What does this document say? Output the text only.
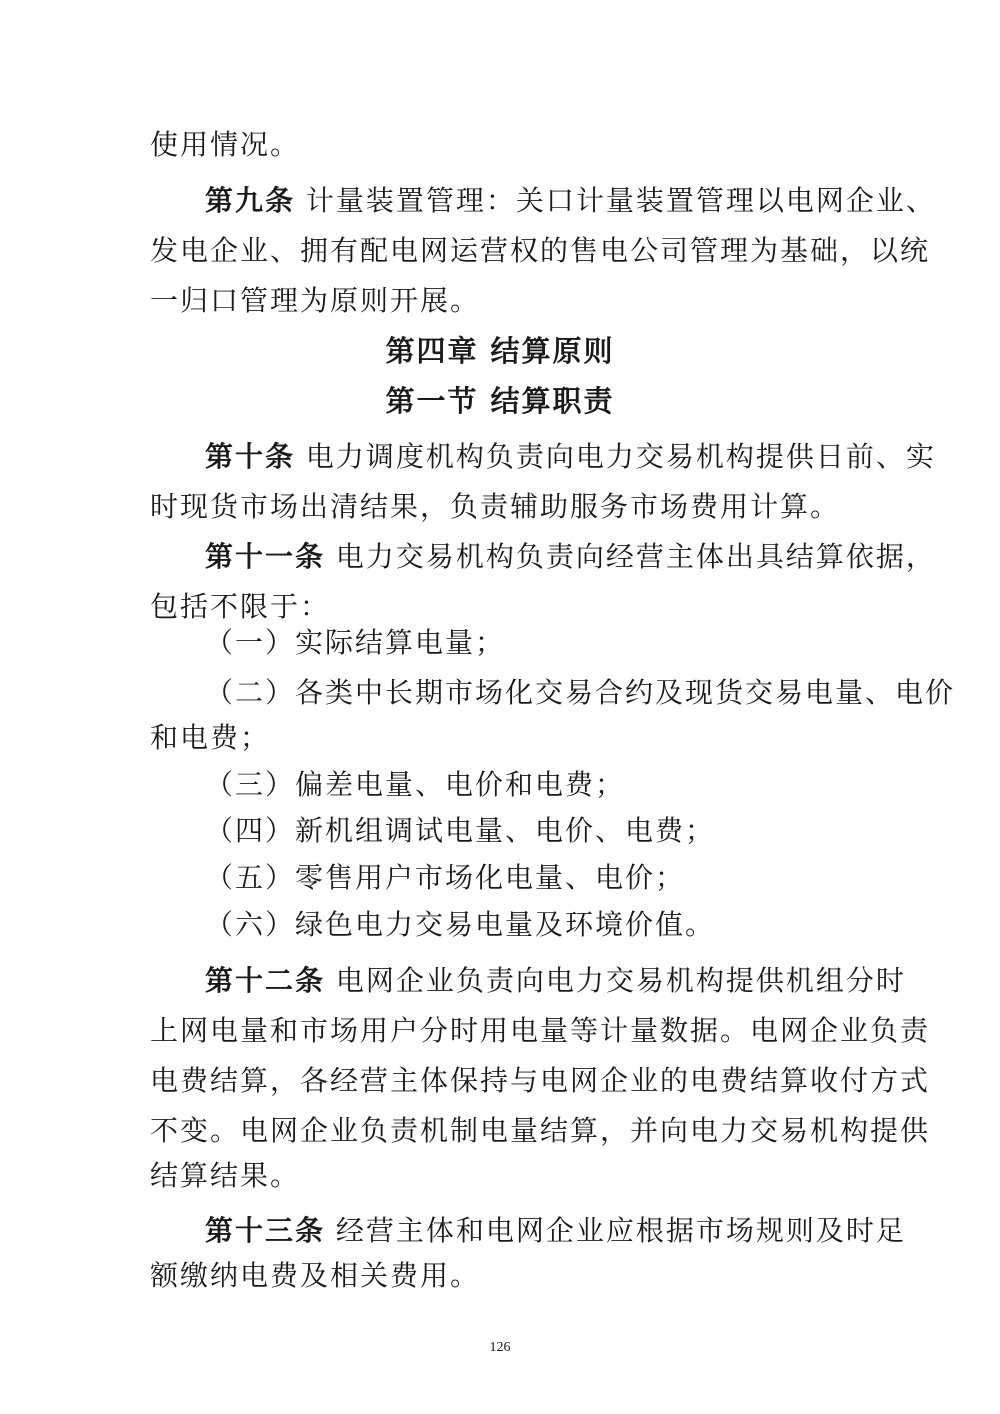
使用情况。
第九条 计量装置管理：关口计量装置管理以电网企业、
发电企业、拥有配电网运营权的售电公司管理为基础，以统
一归口管理为原则开展。
第四章 结算原则
第一节 结算职责
第十条 电力调度机构负责向电力交易机构提供日前、实
时现货市场出清结果，负责辅助服务市场费用计算。
第十一条 电力交易机构负责向经营主体出具结算依据，
包括不限于：
（一）实际结算电量；
（二）各类中长期市场化交易合约及现货交易电量、电价
和电费；
（三）偏差电量、电价和电费；
（四）新机组调试电量、电价、电费；
（五）零售用户市场化电量、电价；
（六）绿色电力交易电量及环境价值。
第十二条 电网企业负责向电力交易机构提供机组分时
上网电量和市场用户分时用电量等计量数据。电网企业负责
电费结算，各经营主体保持与电网企业的电费结算收付方式
不变。电网企业负责机制电量结算，并向电力交易机构提供
结算结果。
第十三条 经营主体和电网企业应根据市场规则及时足
额缴纳电费及相关费用。
126
